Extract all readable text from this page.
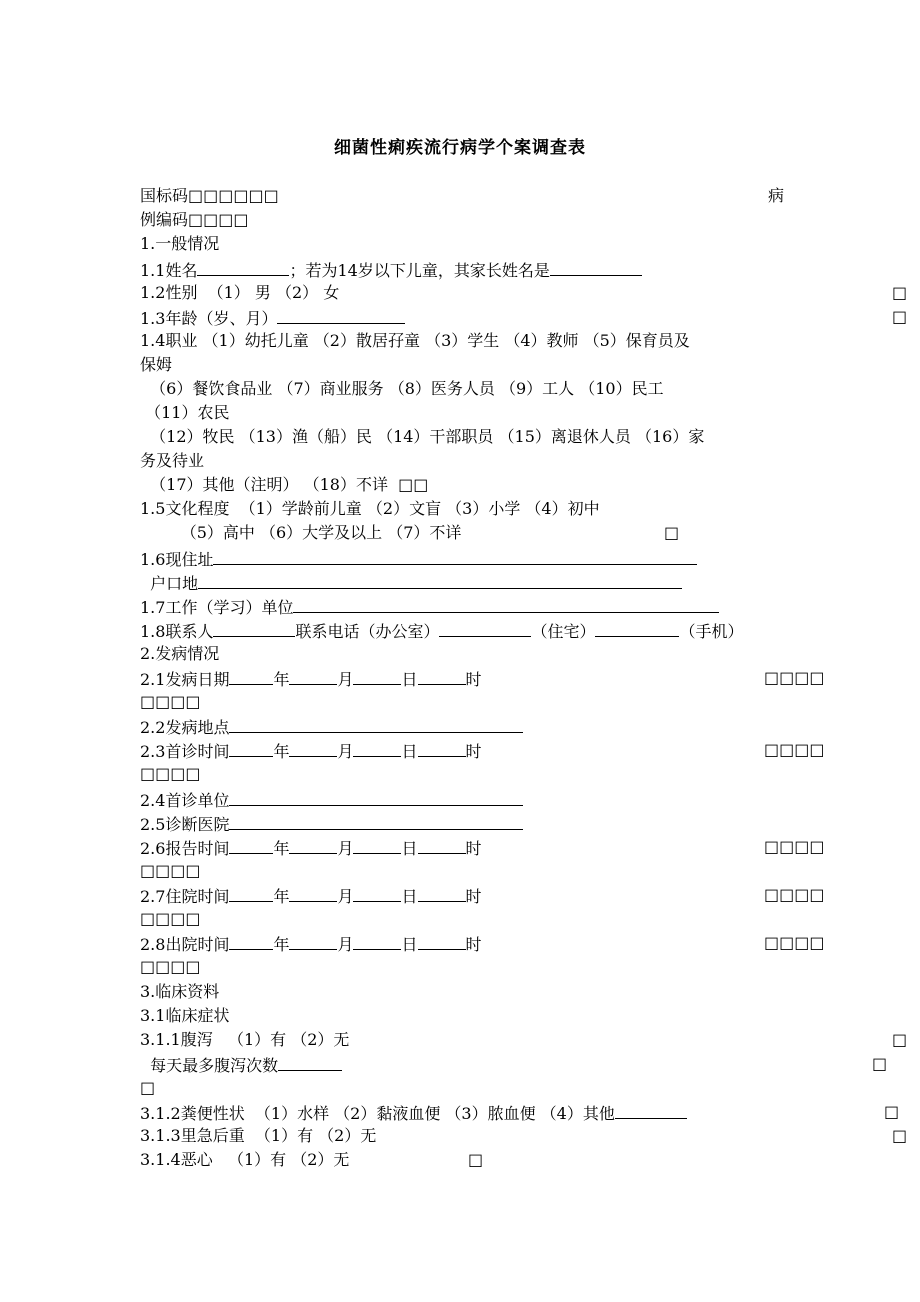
细菌性痢疾流行病学个案调查表
国标码□□□□□□	病
例编码□□□□
1.一般情况
1.1姓名	；若为14岁以下儿童，其家长姓名是
1.2性别  （1） 男 （2） 女	□
1.3年龄（岁、月）	□
1.4职业 （1）幼托儿童 （2）散居孖童 （3）学生 （4）教师 （5）保育员及
保姆
（6）餐饮食品业 （7）商业服务 （8）医务人员 （9）工人 （10）民工
（11）农民
（12）牧民 （13）渔（船）民 （14）干部职员 （15）离退休人员 （16）家
务及待业
（17）其他（注明） （18）不详  □□
1.5文化程度  （1）学龄前儿童 （2）文盲 （3）小学 （4）初中
（5）高中 （6）大学及以上 （7）不详	□
1.6现住址
户口地
1.7工作（学习）单位
1.8联系人	联系电话（办公室）	（住宅）	（手机）
2.发病情况
2.1发病日期	年	月	日	时	□□□□
□□□□
2.2发病地点
2.3首诊时间	年	月	日	时	□□□□
□□□□
2.4首诊单位
2.5诊断医院
2.6报告时间	年	月	日	时	□□□□
□□□□
2.7住院时间	年	月	日	时	□□□□
□□□□
2.8出院时间	年	月	日	时	□□□□
□□□□
3.临床资料
3.1临床症状
3.1.1腹泻   （1）有 （2）无	□
每天最多腹泻次数	□
□
3.1.2粪便性状  （1）水样 （2）黏液血便 （3）脓血便 （4）其他	□
3.1.3里急后重  （1）有 （2）无	□
3.1.4恶心   （1）有 （2）无	□
